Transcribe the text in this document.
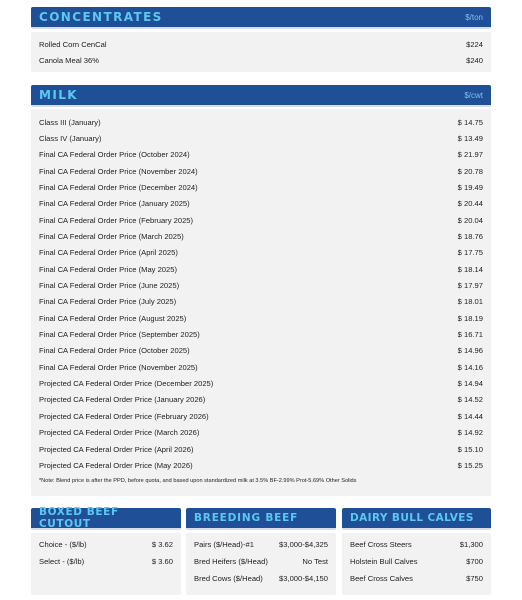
CONCENTRATES	$/ton
Rolled Corn CenCal	$224
Canola Meal 36%	$240
MILK	$/cwt
Class III (January)	$ 14.75
Class IV (January)	$ 13.49
Final CA Federal Order Price (October 2024)	$ 21.97
Final CA Federal Order Price (November 2024)	$ 20.78
Final CA Federal Order Price (December 2024)	$ 19.49
Final CA Federal Order Price (January 2025)	$ 20.44
Final CA Federal Order Price (February 2025)	$ 20.04
Final CA Federal Order Price (March 2025)	$ 18.76
Final CA Federal Order Price (April 2025)	$ 17.75
Final CA Federal Order Price (May 2025)	$ 18.14
Final CA Federal Order Price (June 2025)	$ 17.97
Final CA Federal Order Price (July 2025)	$ 18.01
Final CA Federal Order Price (August 2025)	$ 18.19
Final CA Federal Order Price (September 2025)	$ 16.71
Final CA Federal Order Price (October 2025)	$ 14.96
Final CA Federal Order Price (November 2025)	$ 14.16
Projected CA Federal Order Price (December 2025)	$ 14.94
Projected CA Federal Order Price (January 2026)	$ 14.52
Projected CA Federal Order Price (February 2026)	$ 14.44
Projected CA Federal Order Price (March 2026)	$ 14.92
Projected CA Federal Order Price (April 2026)	$ 15.10
Projected CA Federal Order Price (May 2026)	$ 15.25
*Note: Blend price is after the PPD, before quota, and based upon standardized milk at 3.5% BF-2.99% Prot-5.69% Other Solids
BOXED BEEF CUTOUT
Choice - ($/lb)	$ 3.62
Select - ($/lb)	$ 3.60
BREEDING BEEF
Pairs ($/Head)-#1	$3,000-$4,325
Bred Heifers ($/Head)	No Test
Bred Cows ($/Head) $3,000-$4,150
DAIRY BULL CALVES
Beef Cross Steers	$1,300
Holstein Bull Calves	$700
Beef Cross Calves	$750
